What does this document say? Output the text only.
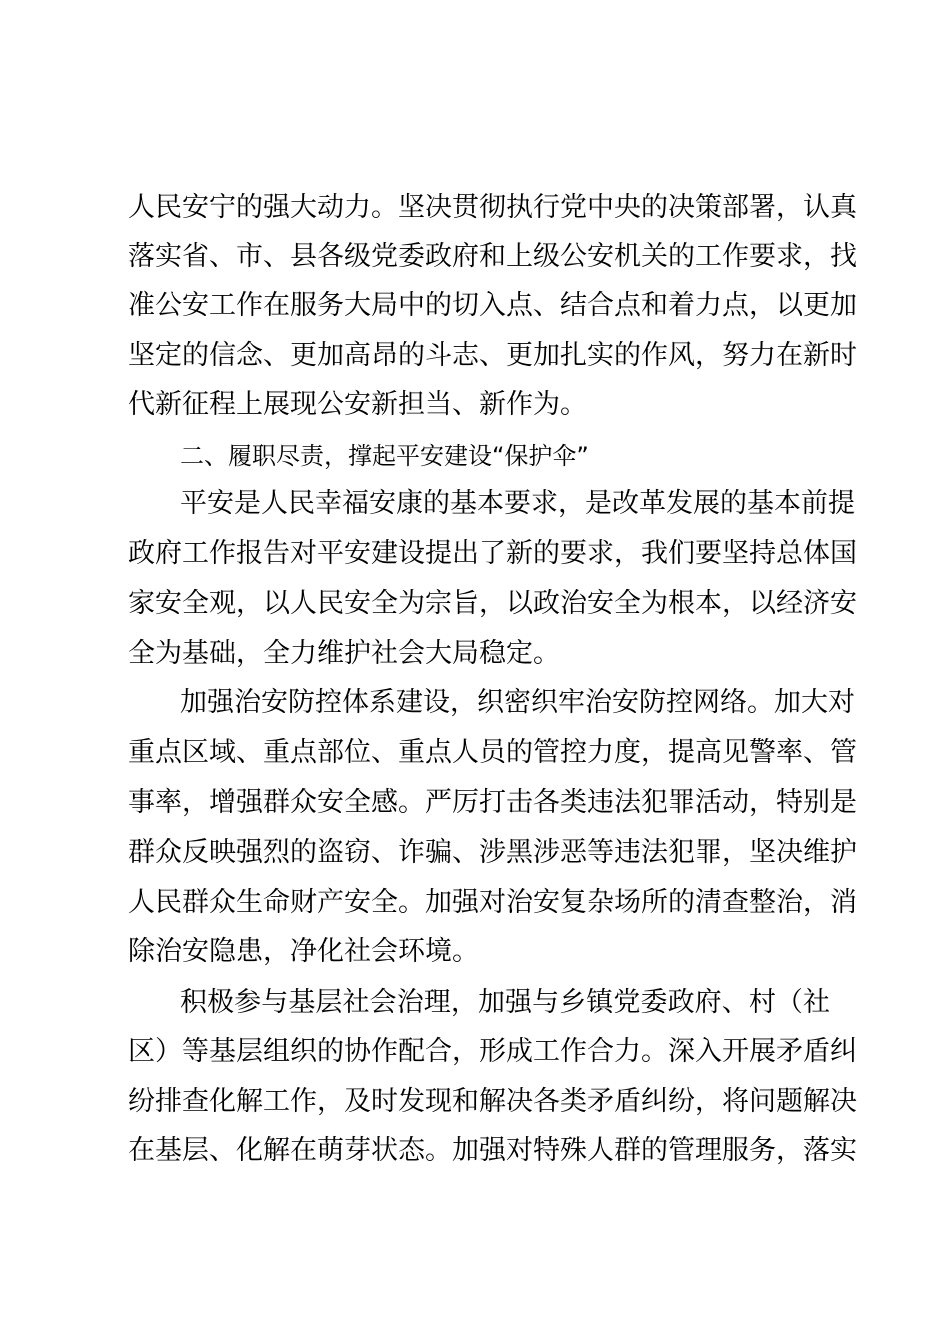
人民安宁的强大动力。坚决贯彻执行党中央的决策部署，认真
落实省、市、县各级党委政府和上级公安机关的工作要求，找
准公安工作在服务大局中的切入点、结合点和着力点，以更加
坚定的信念、更加高昂的斗志、更加扎实的作风，努力在新时
代新征程上展现公安新担当、新作为。
二、履职尽责，撑起平安建设“保护伞”
平安是人民幸福安康的基本要求，是改革发展的基本前提
政府工作报告对平安建设提出了新的要求，我们要坚持总体国
家安全观，以人民安全为宗旨，以政治安全为根本，以经济安
全为基础，全力维护社会大局稳定。
加强治安防控体系建设，织密织牢治安防控网络。加大对
重点区域、重点部位、重点人员的管控力度，提高见警率、管
事率，增强群众安全感。严厉打击各类违法犯罪活动，特别是
群众反映强烈的盗窃、诈骗、涉黑涉恶等违法犯罪，坚决维护
人民群众生命财产安全。加强对治安复杂场所的清查整治，消
除治安隐患，净化社会环境。
积极参与基层社会治理，加强与乡镇党委政府、村（社
区）等基层组织的协作配合，形成工作合力。深入开展矛盾纠
纷排查化解工作，及时发现和解决各类矛盾纠纷，将问题解决
在基层、化解在萌芽状态。加强对特殊人群的管理服务，落实
